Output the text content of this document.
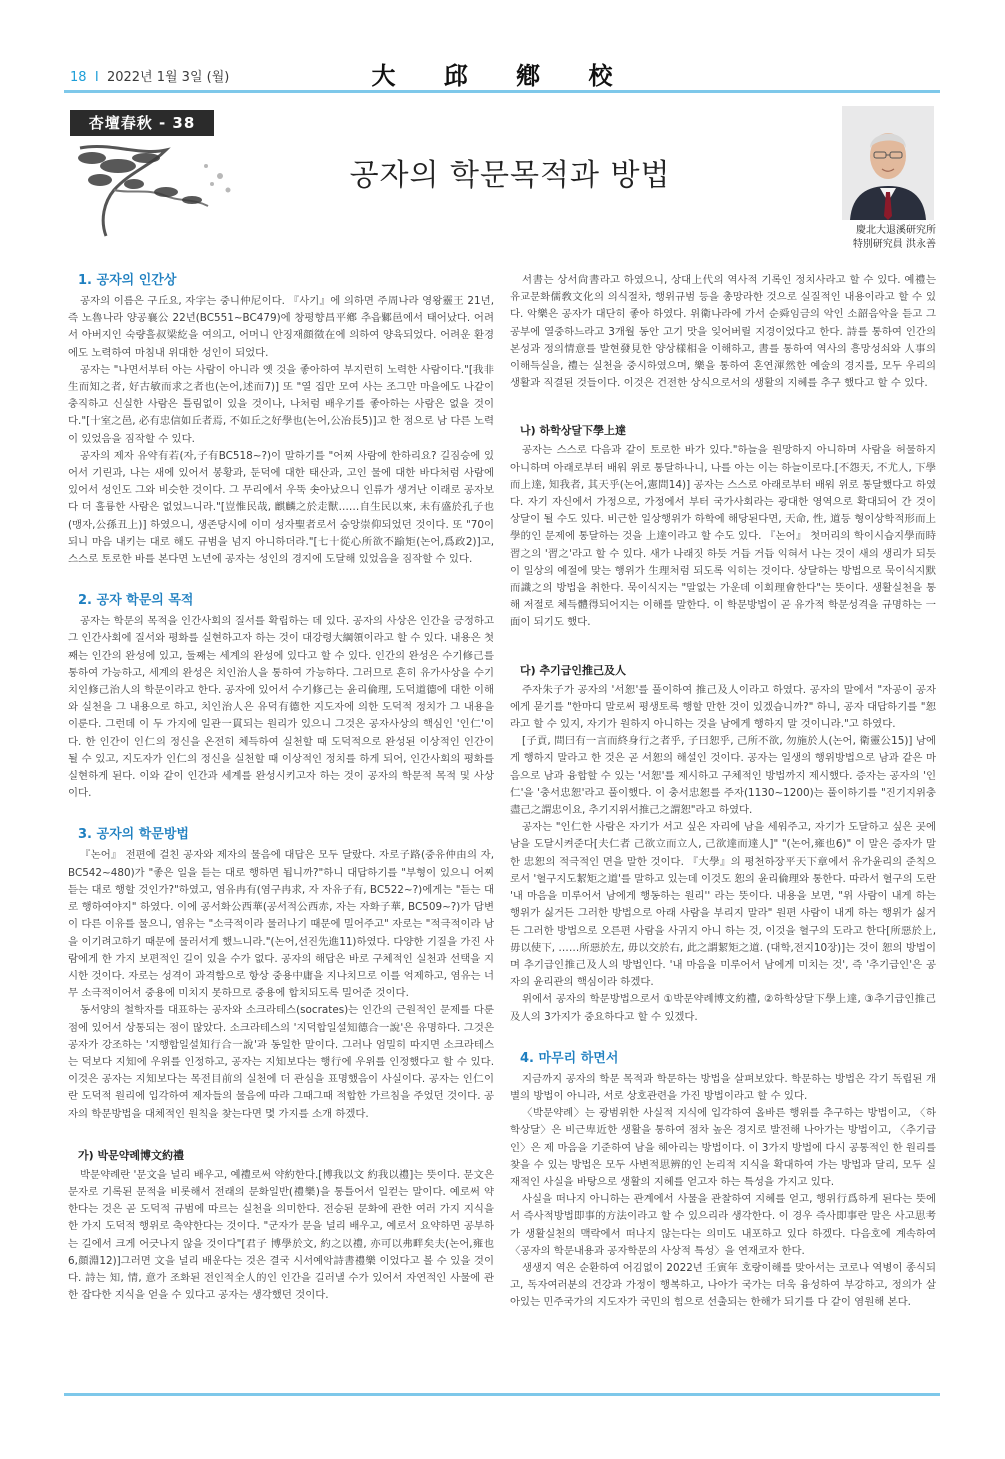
18  I  2022년 1월 3일 (월)	大 邱 鄕 校
杏壇春秋 - 38
공자의 학문목적과 방법
慶北大退溪研究所
特別研究員 洪永善
1. 공자의 인간상

공자의 이름은 구丘요, 자字는 중니仲尼이다. 『사기』에 의하면 주周나라 영왕靈王 21년, 즉 노魯나라 양공襄公 22년(BC551~BC479)에 창평향昌平鄕 추읍鄹邑에서 태어났다. 어려서 아버지인 숙량흘叔梁紇을 여의고, 어머니 안징재顔徵在에 의하여 양육되었다. 어려운 환경에도 노력하여 마침내 위대한 성인이 되었다.

공자는 "나면서부터 아는 사람이 아니라 옛 것을 좋아하여 부지런히 노력한 사람이다."[我非生而知之者, 好古敏而求之者也(논어,述而7)] 또 "열 집만 모여 사는 조그만 마을에도 나같이 충직하고 신실한 사람은 틀림없이 있을 것이나, 나처럼 배우기를 좋아하는 사람은 없을 것이다."[十室之邑, 必有忠信如丘者焉, 不如丘之好學也(논어,公冶長5)]고 한 점으로 남 다른 노력이 있었음을 짐작할 수 있다.

공자의 제자 유약有若(자,子有BC518~?)이 말하기를 "어찌 사람에 한하리요? 길짐승에 있어서 기린과, 나는 새에 있어서 봉황과, 둔덕에 대한 태산과, 고인 물에 대한 바다처럼 사람에 있어서 성인도 그와 비슷한 것이다. 그 무리에서 우뚝 솟아났으니 인류가 생겨난 이래로 공자보다 더 훌륭한 사람은 없었느니라."[豈惟民哉, 麒麟之於走獸……自生民以來, 未有盛於孔子也(맹자,公孫丑上)] 하였으니, 생존당시에 이미 성자聖者로서 숭앙崇仰되었던 것이다. 또 "70이 되니 마음 내키는 대로 해도 규범을 넘지 아니하더라."[七十從心所欲不踰矩(논어,爲政2)]고, 스스로 토로한 바를 본다면 노년에 공자는 성인의 경지에 도달해 있었음을 짐작할 수 있다.

2. 공자 학문의 목적

공자는 학문의 목적을 인간사회의 질서를 확립하는 데 있다. 공자의 사상은 인간을 긍정하고 그 인간사회에 질서와 평화를 실현하고자 하는 것이 대강령大綱領이라고 할 수 있다. 내용은 첫째는 인간의 완성에 있고, 둘째는 세계의 완성에 있다고 할 수 있다. 인간의 완성은 수기修己를 통하여 가능하고, 세계의 완성은 치인治人을 통하여 가능하다. 그러므로 흔히 유가사상을 수기치인修己治人의 학문이라고 한다. 공자에 있어서 수기修己는 윤리倫理, 도덕道德에 대한 이해와 실천을 그 내용으로 하고, 치인治人은 유덕有德한 지도자에 의한 도덕적 정치가 그 내용을 이룬다. 그런데 이 두 가지에 일관一貫되는 원리가 있으니 그것은 공자사상의 핵심인 '인仁'이다. 한 인간이 인仁의 정신을 온전히 체득하여 실천할 때 도덕적으로 완성된 이상적인 인간이 될 수 있고, 지도자가 인仁의 정신을 실천할 때 이상적인 정치를 하게 되어, 인간사회의 평화를 실현하게 된다. 이와 같이 인간과 세계를 완성시키고자 하는 것이 공자의 학문적 목적 및 사상이다.

3. 공자의 학문방법

『논어』 전편에 걸친 공자와 제자의 물음에 대답은 모두 달랐다. 자로子路(중유仲由의 자, BC542~480)가 "좋은 일을 듣는 대로 행하면 됩니까?"하니 대답하기를 "부형이 있으니 어찌 듣는 대로 행할 것인가?"하였고, 염유冉有(염구冉求, 자 자유子有, BC522~?)에게는 "듣는 대로 행하여야지" 하였다. 이에 공서화公西華(공서적公西赤, 자는 자화子華, BC509~?)가 답변이 다른 이유를 물으니, 염유는 "소극적이라 물러나기 때문에 밀어주고" 자로는 "적극적이라 남을 이기려고하기 때문에 물러서게 했느니라."(논어,선진先進11)하였다. 다양한 기질을 가진 사람에게 한 가지 보편적인 길이 있을 수가 없다. 공자의 해답은 바로 구체적인 실천과 선택을 지시한 것이다. 자로는 성격이 과격함으로 항상 중용中庸을 지나치므로 이를 억제하고, 염유는 너무 소극적이어서 중용에 미치지 못하므로 중용에 합치되도록 밀어준 것이다.

동서양의 철학자를 대표하는 공자와 소크라테스(socrates)는 인간의 근원적인 문제를 다룬 점에 있어서 상통되는 점이 많았다. 소크라테스의 '지덕합일설知德合一說'은 유명하다. 그것은 공자가 강조하는 '지행합일설知行合一說'과 동일한 말이다. 그러나 엄밀히 따지면 소크라테스는 덕보다 지知에 우위를 인정하고, 공자는 지知보다는 행行에 우위를 인정했다고 할 수 있다. 이것은 공자는 지知보다는 목전目前의 실천에 더 관심을 표명했음이 사실이다. 공자는 인仁이란 도덕적 원리에 입각하여 제자들의 물음에 따라 그때그때 적합한 가르침을 주었던 것이다. 공자의 학문방법을 대체적인 원칙을 찾는다면 몇 가지를 소개 하겠다.

가) 박문약례博文約禮

박문약례란 '문文을 널리 배우고, 예禮로써 약約한다.[博我以文 約我以禮]는 뜻이다. 문文은 문자로 기록된 문적을 비롯해서 전래의 문화일반(禮樂)을 통틀어서 일컫는 말이다. 예로써 약한다는 것은 곧 도덕적 규범에 따르는 실천을 의미한다. 전승된 문화에 관한 여러 가지 지식을 한 가지 도덕적 행위로 축약한다는 것이다. "군자가 문을 널리 배우고, 예로서 요약하면 공부하는 길에서 크게 어긋나지 않을 것이다"[君子 博學於文, 約之以禮, 亦可以弗畔矣夫(논어,雍也6,顔淵12)]그러면 文을 널리 배운다는 것은 결국 시서예악詩書禮樂 이었다고 볼 수 있을 것이다. 詩는 知, 情, 意가 조화된 전인적全人的인 인간을 길러낼 수가 있어서 자연적인 사물에 관한 잡다한 지식을 얻을 수 있다고 공자는 생각했던 것이다.

서書는 상서尙書라고 하였으니, 상대上代의 역사적 기록인 정치사라고 할 수 있다. 예禮는 유교문화儒敎文化의 의식절차, 행위규범 등을 총망라한 것으로 실질적인 내용이라고 할 수 있다. 악樂은 공자가 대단히 좋아 하였다. 위衛나라에 가서 순舜임금의 악인 소韶음악을 듣고 그 공부에 열중하느라고 3개월 동안 고기 맛을 잊어버릴 지경이었다고 한다. 詩를 통하여 인간의 본성과 정의情意를 발현發見한 양상樣相을 이해하고, 書를 통하여 역사의 흥망성쇠와 人事의 이해득실을, 禮는 실천을 중시하였으며, 樂을 통하여 혼연渾然한 예술의 경지를, 모두 우리의 생활과 직결된 것들이다. 이것은 건전한 상식으로서의 생활의 지혜를 추구 했다고 할 수 있다.

나) 하학상달下學上達

공자는 스스로 다음과 같이 토로한 바가 있다."하늘을 원망하지 아니하며 사람을 허물하지 아니하며 아래로부터 배워 위로 통달하나니, 나를 아는 이는 하늘이로다.[不怨天, 不尤人, 下學而上達, 知我者, 其天乎(논어,憲問14)] 공자는 스스로 아래로부터 배워 위로 통달했다고 하였다. 자기 자신에서 가정으로, 가정에서 부터 국가사회라는 광대한 영역으로 확대되어 간 것이 상달이 될 수도 있다. 비근한 일상행위가 하학에 해당된다면, 天命, 性, 道등 형이상학적形而上學的인 문제에 통달하는 것을 上達이라고 할 수도 있다. 『논어』 첫머리의 학이시습지學而時習之의 '習之'라고 할 수 있다. 새가 나래짓 하듯 거듭 거듭 익혀서 나는 것이 새의 생리가 되듯이 일상의 예절에 맞는 행위가 生理처럼 되도록 익히는 것이다. 상달하는 방법으로 묵이식지默而識之의 방법을 취한다. 묵이식지는 "말없는 가운데 이회理會한다"는 뜻이다. 생활실천을 통해 저절로 체득體得되어지는 이해를 말한다. 이 학문방법이 곧 유가적 학문성격을 규명하는 一面이 되기도 했다.

다) 추기급인推己及人

주자朱子가 공자의 '서恕'를 풀이하여 推己及人이라고 하였다. 공자의 말에서 "자공이 공자에게 묻기를 "한마디 말로써 평생토록 행할 만한 것이 있겠습니까?" 하니, 공자 대답하기를 "恕라고 할 수 있지, 자기가 원하지 아니하는 것을 남에게 행하지 말 것이니라."고 하였다.

[子貢, 問曰有一言而終身行之者乎, 子曰恕乎, 己所不欲, 勿施於人(논어, 衛靈公15)] 남에게 행하지 말라고 한 것은 곧 서恕의 해설인 것이다. 공자는 일생의 행위방법으로 남과 같은 마음으로 남과 융합할 수 있는 '서恕'를 제시하고 구체적인 방법까지 제시했다. 증자는 공자의 '인仁'을 '충서忠恕'라고 풀이했다. 이 충서忠恕를 주자(1130~1200)는 풀이하기를 "진기지위충盡己之謂忠이요, 추기지위서推己之謂恕"라고 하였다.

공자는 "인仁한 사람은 자기가 서고 싶은 자리에 남을 세워주고, 자기가 도달하고 싶은 곳에 남을 도달시켜준다[夫仁者 己欲立而立人, 己欲達而達人]" "(논어,雍也6)" 이 말은 증자가 말한 忠恕의 적극적인 면을 말한 것이다. 『大學』의 평천하장平天下章에서 유가윤리의 준칙으로서 '혈구지도絜矩之道'를 말하고 있는데 이것도 恕의 윤리倫理와 통한다. 따라서 혈구의 도란 '내 마음을 미루어서 남에게 행동하는 원리'' 라는 뜻이다. 내용을 보면, "위 사람이 내게 하는 행위가 싫거든 그러한 방법으로 아래 사람을 부리지 말라" 원편 사람이 내게 하는 행위가 싫거든 그러한 방법으로 오른편 사람을 사귀지 아니 하는 것, 이것을 혈구의 도라고 한다[所惡於上, 毋以使下, ……所惡於左, 毋以交於右, 此之謂絜矩之道. (대학,전지10장)]는 것이 恕의 방법이며 추기급인推己及人의 방법인다. '내 마음을 미루어서 남에게 미치는 것', 즉 '추기급인'은 공자의 윤리관의 핵심이라 하겠다.

위에서 공자의 학문방법으로서 ①박문약례博文約禮, ②하학상달下學上達, ③추기급인推己及人의 3가지가 중요하다고 할 수 있겠다.

4. 마무리 하면서

지금까지 공자의 학문 목적과 학문하는 방법을 살펴보았다. 학문하는 방법은 각기 독립된 개별의 방법이 아니라, 서로 상호관련을 가진 방법이라고 할 수 있다.

〈박문약례〉는 광범위한 사실적 지식에 입각하여 올바른 행위를 추구하는 방법이고, 〈하학상달〉은 비근卑近한 생활을 통하여 점차 높은 경지로 발전해 나아가는 방법이고, 〈추기급인〉은 제 마음을 기준하여 남을 헤아리는 방법이다. 이 3가지 방법에 다시 공통적인 한 원리를 찾을 수 있는 방법은 모두 사변적思辨的인 논리적 지식을 확대하여 가는 방법과 달리, 모두 실재적인 사실을 바탕으로 생활의 지혜를 얻고자 하는 특성을 가지고 있다.

사실을 떠나지 아니하는 관계에서 사물을 관찰하여 지혜를 얻고, 행위行爲하게 된다는 뜻에서 즉사적방법即事的方法이라고 할 수 있으리라 생각한다. 이 경우 즉사即事란 말은 사고思考가 생활실천의 맥락에서 떠나지 않는다는 의미도 내포하고 있다 하겠다. 다음호에 계속하여 〈공자의 학문내용과 공자학문의 사상적 특성〉을 연재코자 한다.

생생지 역은 순환하여 어김없이 2022년 壬寅年 호랑이해를 맞아서는 코로나 역병이 종식되고, 독자여러분의 건강과 가정이 행복하고, 나아가 국가는 더욱 융성하여 부강하고, 정의가 살아있는 민주국가의 지도자가 국민의 힘으로 선출되는 한해가 되기를 다 같이 염원해 본다.
